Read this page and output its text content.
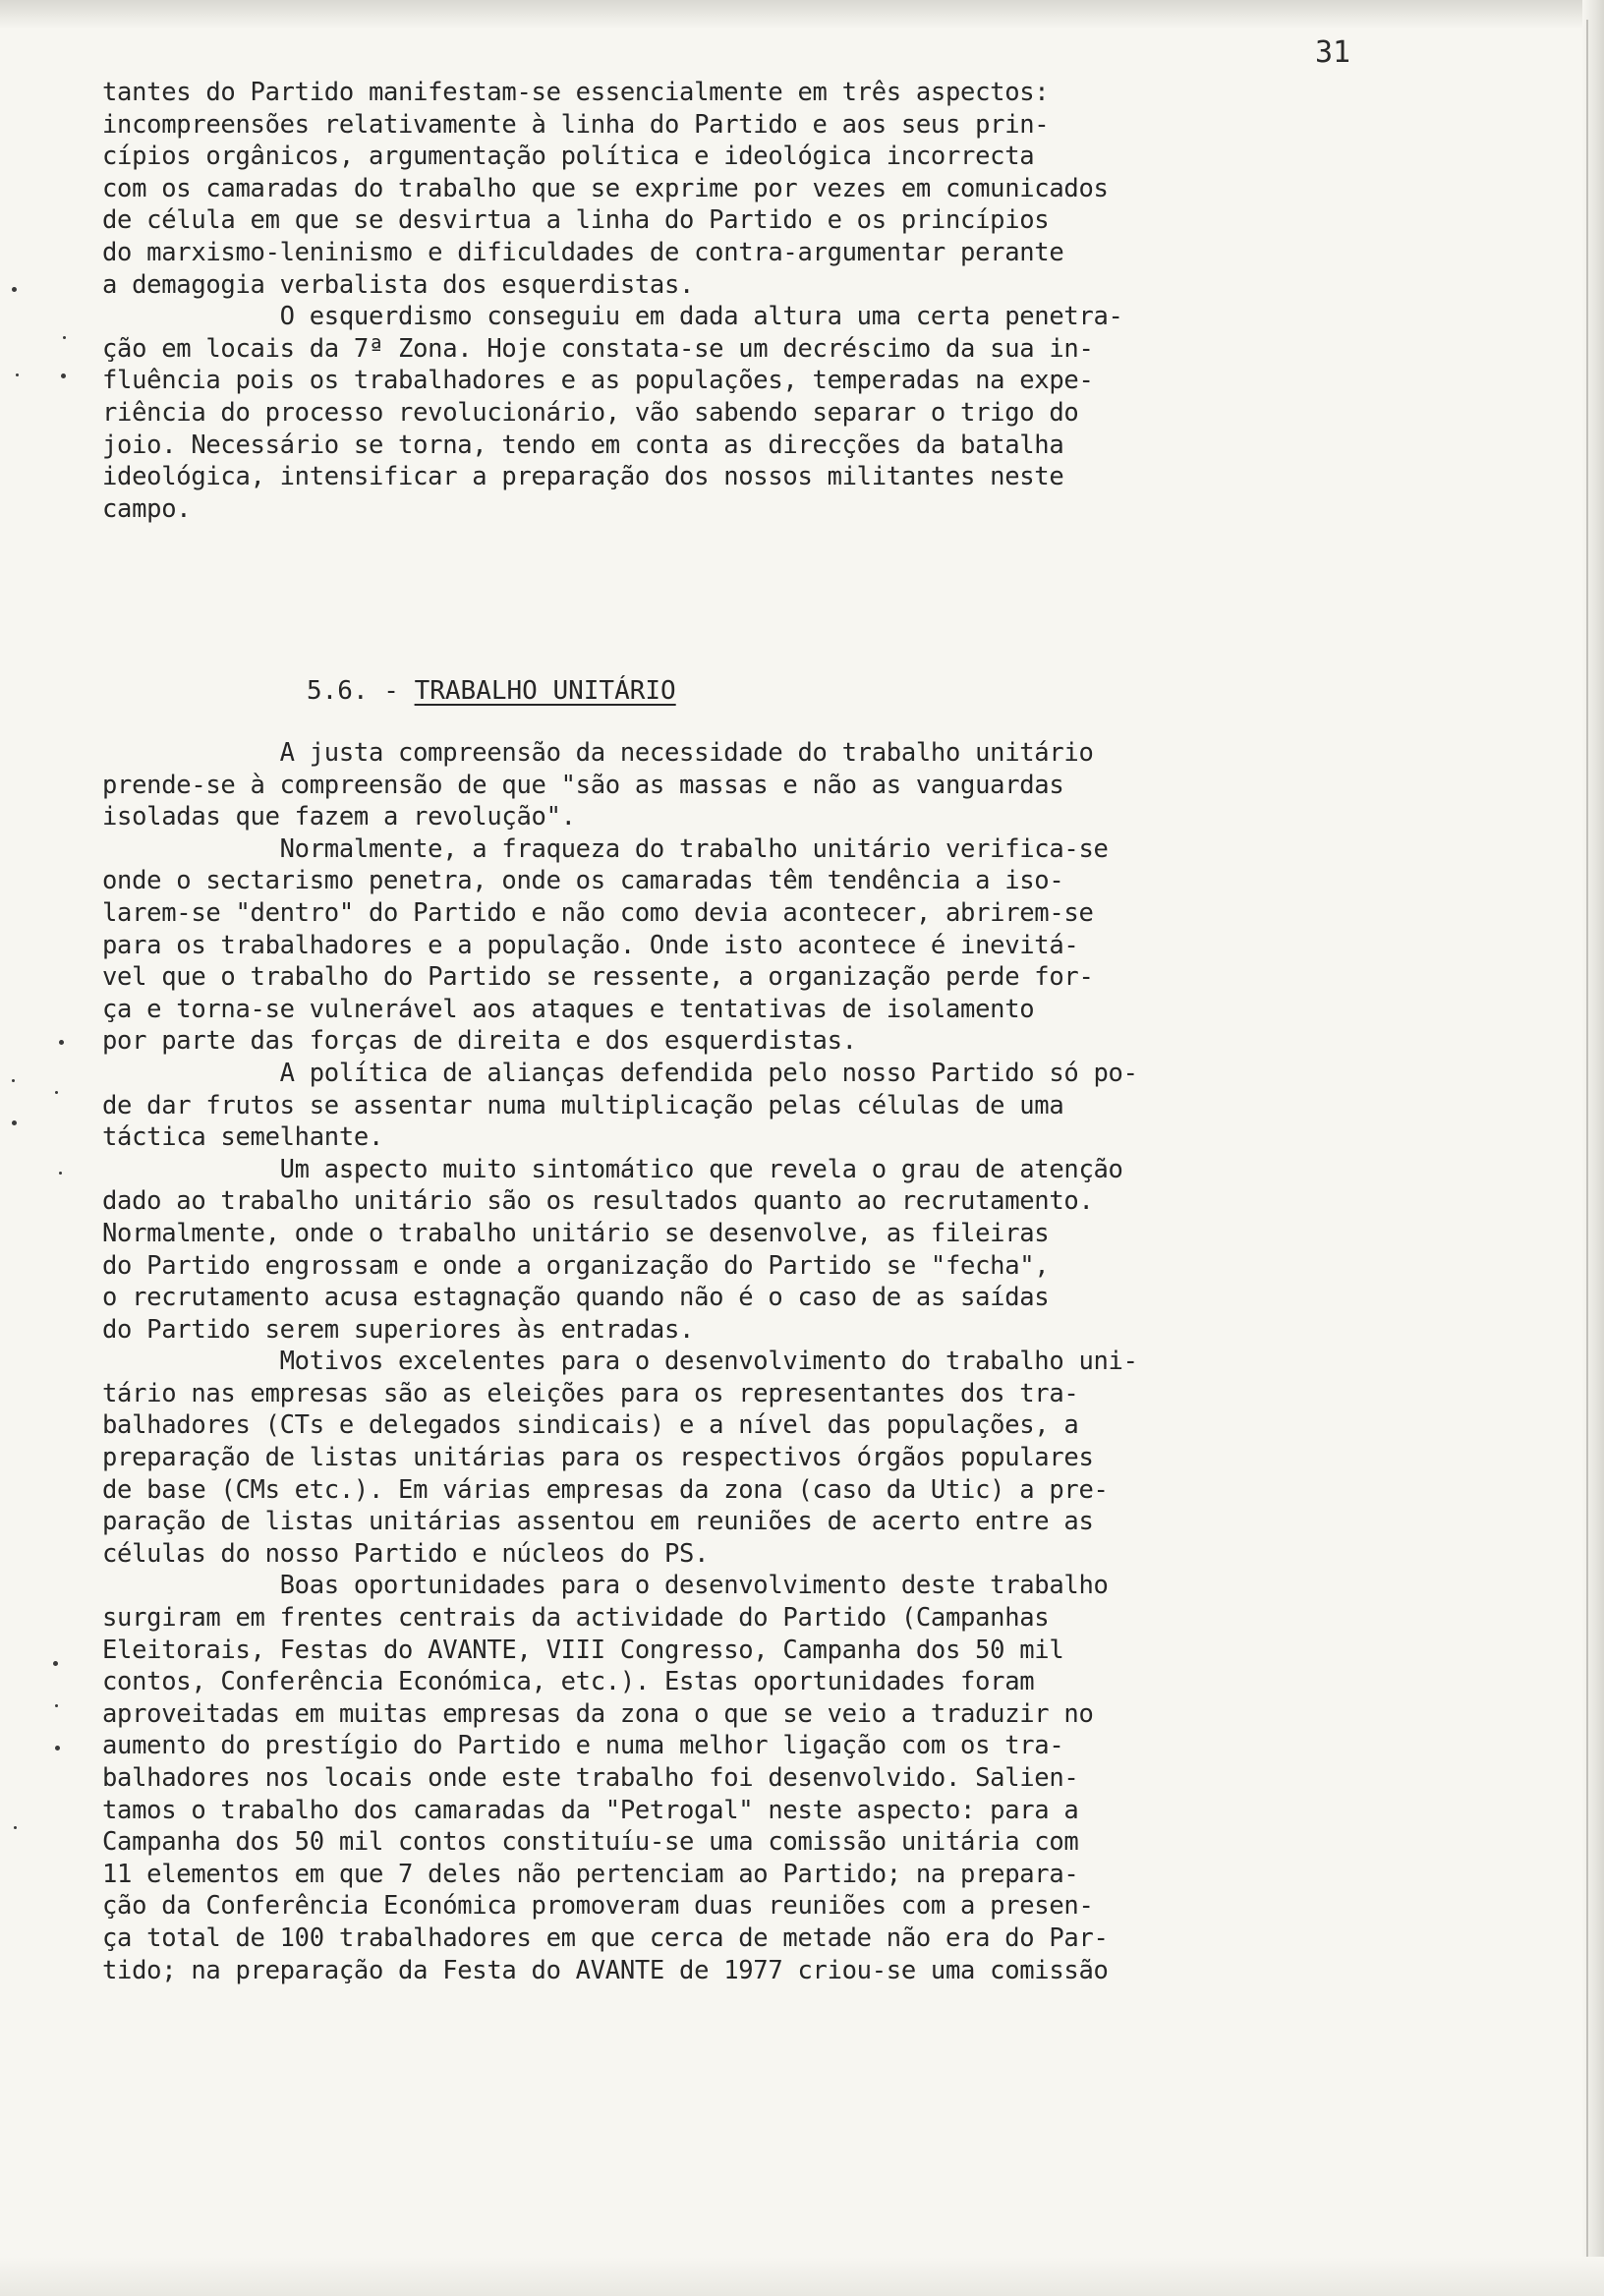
31
tantes do Partido manifestam-se essencialmente em três aspectos:
incompreensões relativamente à linha do Partido e aos seus prin-
cípios orgânicos, argumentação política e ideológica incorrecta
com os camaradas do trabalho que se exprime por vezes em comunicados
de célula em que se desvirtua a linha do Partido e os princípios
do marxismo-leninismo e dificuldades de contra-argumentar perante
a demagogia verbalista dos esquerdistas.
O esquerdismo conseguiu em dada altura uma certa penetra-
ção em locais da 7ª Zona. Hoje constata-se um decréscimo da sua in-
fluência pois os trabalhadores e as populações, temperadas na expe-
riência do processo revolucionário, vão sabendo separar o trigo do
joio. Necessário se torna, tendo em conta as direcções da batalha
ideológica, intensificar a preparação dos nossos militantes neste
campo.
5.6. - TRABALHO UNITÁRIO
A justa compreensão da necessidade do trabalho unitário
prende-se à compreensão de que "são as massas e não as vanguardas
isoladas que fazem a revolução".
Normalmente, a fraqueza do trabalho unitário verifica-se
onde o sectarismo penetra, onde os camaradas têm tendência a iso-
larem-se "dentro" do Partido e não como devia acontecer, abrirem-se
para os trabalhadores e a população. Onde isto acontece é inevitá-
vel que o trabalho do Partido se ressente, a organização perde for-
ça e torna-se vulnerável aos ataques e tentativas de isolamento
por parte das forças de direita e dos esquerdistas.
A política de alianças defendida pelo nosso Partido só po-
de dar frutos se assentar numa multiplicação pelas células de uma
táctica semelhante.
Um aspecto muito sintomático que revela o grau de atenção
dado ao trabalho unitário são os resultados quanto ao recrutamento.
Normalmente, onde o trabalho unitário se desenvolve, as fileiras
do Partido engrossam e onde a organização do Partido se "fecha",
o recrutamento acusa estagnação quando não é o caso de as saídas
do Partido serem superiores às entradas.
Motivos excelentes para o desenvolvimento do trabalho uni-
tário nas empresas são as eleições para os representantes dos tra-
balhadores (CTs e delegados sindicais) e a nível das populações, a
preparação de listas unitárias para os respectivos órgãos populares
de base (CMs etc.). Em várias empresas da zona (caso da Utic) a pre-
paração de listas unitárias assentou em reuniões de acerto entre as
células do nosso Partido e núcleos do PS.
Boas oportunidades para o desenvolvimento deste trabalho
surgiram em frentes centrais da actividade do Partido (Campanhas
Eleitorais, Festas do AVANTE, VIII Congresso, Campanha dos 50 mil
contos, Conferência Económica, etc.). Estas oportunidades foram
aproveitadas em muitas empresas da zona o que se veio a traduzir no
aumento do prestígio do Partido e numa melhor ligação com os tra-
balhadores nos locais onde este trabalho foi desenvolvido. Salien-
tamos o trabalho dos camaradas da "Petrogal" neste aspecto: para a
Campanha dos 50 mil contos constituíu-se uma comissão unitária com
11 elementos em que 7 deles não pertenciam ao Partido; na prepara-
ção da Conferência Económica promoveram duas reuniões com a presen-
ça total de 100 trabalhadores em que cerca de metade não era do Par-
tido; na preparação da Festa do AVANTE de 1977 criou-se uma comissão
